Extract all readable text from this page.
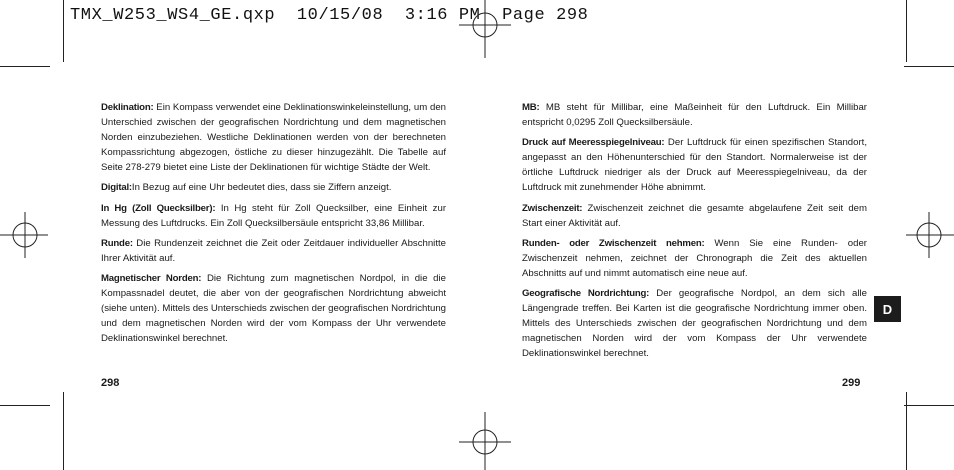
TMX_W253_WS4_GE.qxp  10/15/08  3:16 PM  Page 298

Deklination: Ein Kompass verwendet eine Deklinationswinkeleinstellung, um den Unterschied zwischen der geografischen Nordrichtung und dem magnetischen Norden einzubeziehen. Westliche Deklinationen werden von der berechneten Kompassrichtung abgezogen, östliche zu dieser hinzugezählt. Die Tabelle auf Seite 278-279 bietet eine Liste der Deklinationen für wichtige Städte der Welt.

Digital:In Bezug auf eine Uhr bedeutet dies, dass sie Ziffern anzeigt.

In Hg (Zoll Quecksilber): In Hg steht für Zoll Quecksilber, eine Einheit zur Messung des Luftdrucks. Ein Zoll Quecksilbersäule entspricht 33,86 Millibar.

Runde: Die Rundenzeit zeichnet die Zeit oder Zeitdauer individueller Abschnitte Ihrer Aktivität auf.

Magnetischer Norden: Die Richtung zum magnetischen Nordpol, in die die Kompassnadel deutet, die aber von der geografischen Nordrichtung abweicht (siehe unten). Mittels des Unterschieds zwischen der geografischen Nordrichtung und dem magnetischen Norden wird der vom Kompass der Uhr verwendete Deklinationswinkel berechnet.

MB: MB steht für Millibar, eine Maßeinheit für den Luftdruck. Ein Millibar entspricht 0,0295 Zoll Quecksilbersäule.

Druck auf Meeresspiegelniveau: Der Luftdruck für einen spezifischen Standort, angepasst an den Höhenunterschied für den Standort. Normalerweise ist der örtliche Luftdruck niedriger als der Druck auf Meeresspiegelniveau, da der Luftdruck mit zunehmender Höhe abnimmt.

Zwischenzeit: Zwischenzeit zeichnet die gesamte abgelaufene Zeit seit dem Start einer Aktivität auf.

Runden- oder Zwischenzeit nehmen: Wenn Sie eine Runden- oder Zwischenzeit nehmen, zeichnet der Chronograph die Zeit des aktuellen Abschnitts auf und nimmt automatisch eine neue auf.

Geografische Nordrichtung: Der geografische Nordpol, an dem sich alle Längengrade treffen. Bei Karten ist die geografische Nordrichtung immer oben. Mittels des Unterschieds zwischen der geografischen Nordrichtung und dem magnetischen Norden wird der vom Kompass der Uhr verwendete Deklinationswinkel berechnet.

298	299
D
